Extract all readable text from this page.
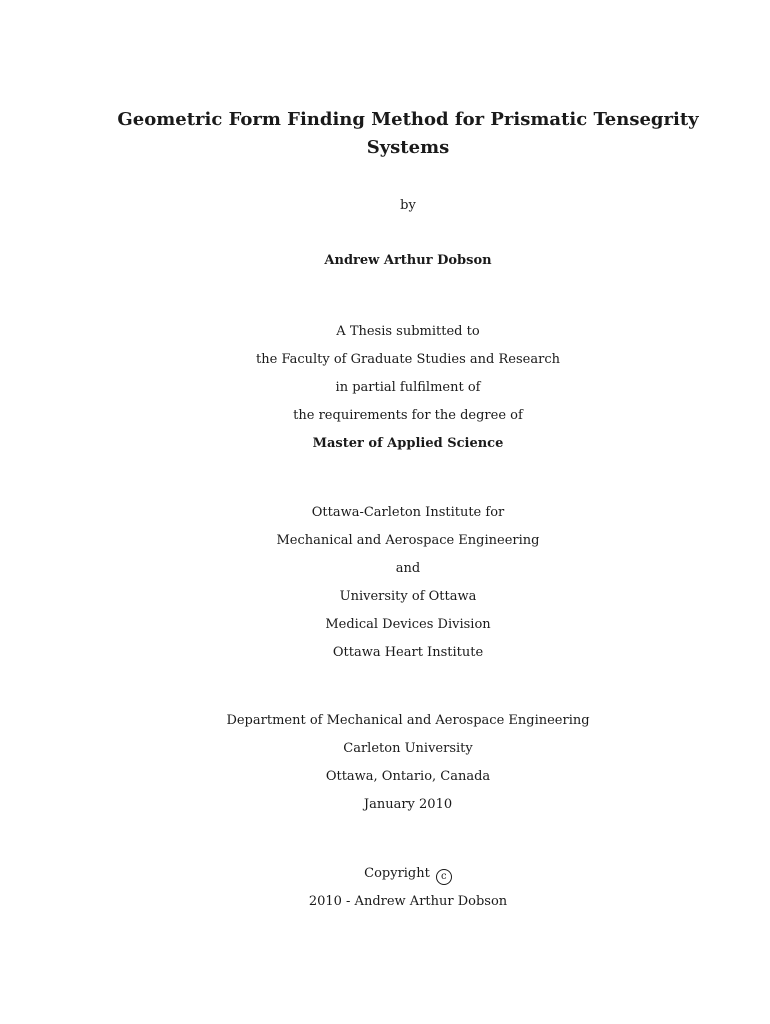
Geometric Form Finding Method for Prismatic Tensegrity
Systems
by
Andrew Arthur Dobson
A Thesis submitted to
the Faculty of Graduate Studies and Research
in partial fulfilment of
the requirements for the degree of
Master of Applied Science
Ottawa-Carleton Institute for
Mechanical and Aerospace Engineering
and
University of Ottawa
Medical Devices Division
Ottawa Heart Institute
Department of Mechanical and Aerospace Engineering
Carleton University
Ottawa, Ontario, Canada
January 2010
Copyright c
2010 - Andrew Arthur Dobson
